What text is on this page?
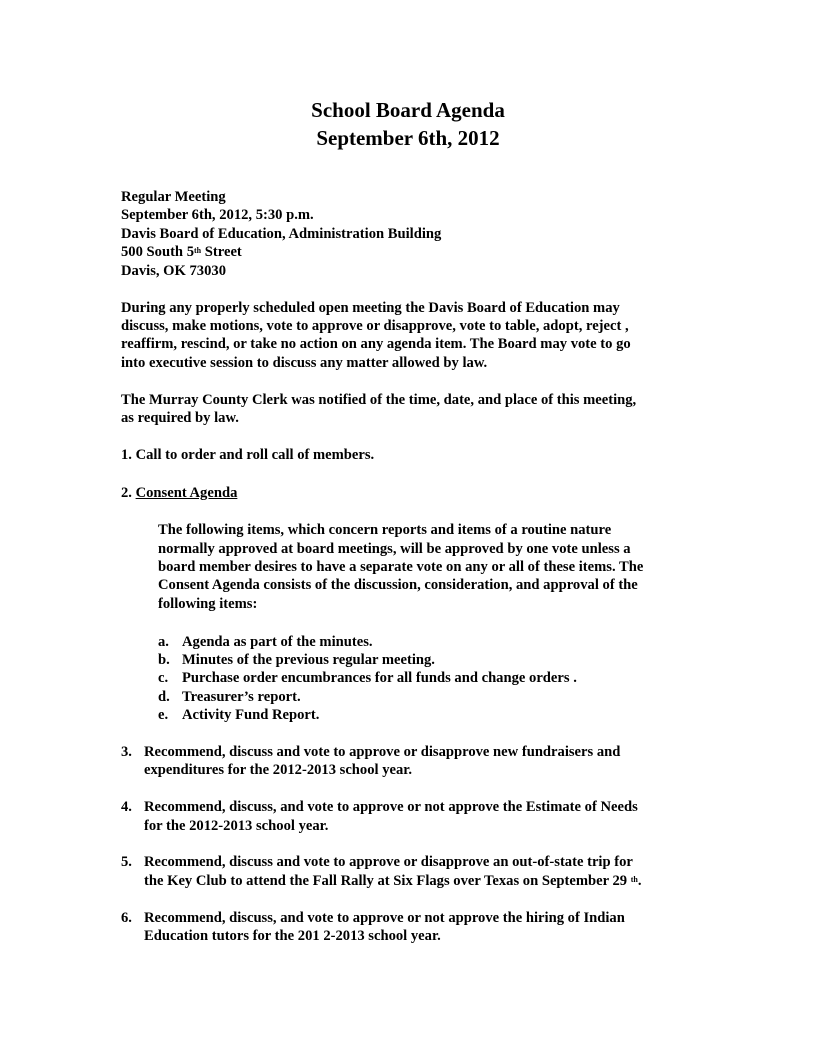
School Board Agenda
September 6th, 2012
Regular Meeting
September 6th, 2012, 5:30 p.m.
Davis Board of Education, Administration Building
500 South 5th Street
Davis, OK 73030
During any properly scheduled open meeting the Davis Board of Education may
discuss, make motions, vote to approve or disapprove, vote to table, adopt, reject ,
reaffirm, rescind, or take no action on any agenda item. The Board may vote to go
into executive session to discuss any matter allowed by law.
The Murray County Clerk was notified of the time, date, and place of this meeting,
as required by law.
1. Call to order and roll call of members.
2. Consent Agenda
The following items, which concern reports and items of a routine nature
normally approved at board meetings, will be approved by one vote unless a
board member desires to have a separate vote on any or all of these items. The
Consent Agenda consists of the discussion, consideration, and approval of the
following items:
a. Agenda as part of the minutes.
b. Minutes of the previous regular meeting.
c. Purchase order encumbrances for all funds and change orders .
d. Treasurer’s report.
e. Activity Fund Report.
3. Recommend, discuss and vote to approve or disapprove new fundraisers and
expenditures for the 2012-2013 school year.
4. Recommend, discuss, and vote to approve or not approve the Estimate of Needs
for the 2012-2013 school year.
5. Recommend, discuss and vote to approve or disapprove an out-of-state trip for
the Key Club to attend the Fall Rally at Six Flags over Texas on September 29 $^{th}$.
6. Recommend, discuss, and vote to approve or not approve the hiring of Indian
Education tutors for the 201 2-2013 school year.
